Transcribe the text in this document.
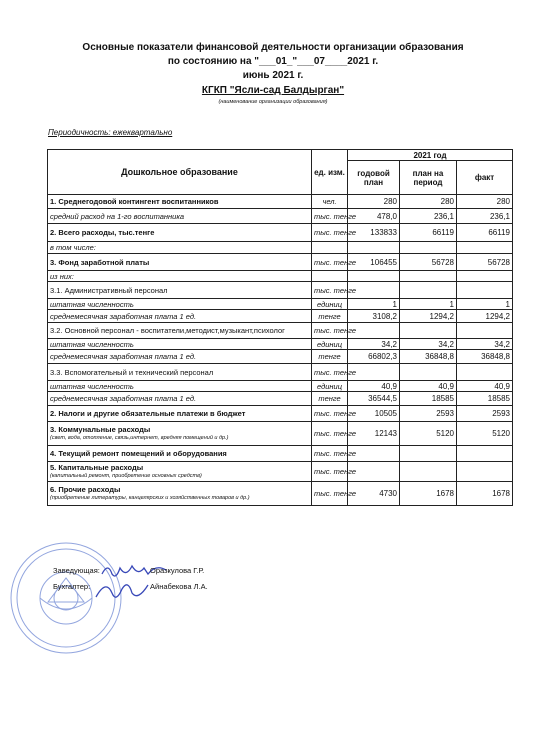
Основные показатели финансовой деятельности организации образования
по состоянию на "___01_"___07____2021 г.
июнь 2021 г.
КГКП "Ясли-сад Балдырган"
(наименование организации образования)
Периодичность: ежеквартально
Дошкольное образование	ед. изм.	2021 год		
		годовой план	план на период	факт
1. Среднегодовой контингент воспитанников	чел.	280	280	280
средний расход на 1-го воспитанника	тыс. тенге	478,0	236,1	236,1
2. Всего расходы, тыс.тенге	тыс. тенге	133833	66119	66119
в том числе:				
3. Фонд заработной платы	тыс. тенге	106455	56728	56728
из них:				
3.1. Административный персонал	тыс. тенге			
штатная численность	единиц	1	1	1
среднемесячная заработная плата 1 ед.	тенге	3108,2	1294,2	1294,2
3.2. Основной персонал - воспитатели,методист,музыкант,психолог	тыс. тенге			
штатная численность	единиц	34,2	34,2	34,2
среднемесячная заработная плата 1 ед.	тенге	66802,3	36848,8	36848,8
3.3. Вспомогательный и технический персонал	тыс. тенге			
штатная численность	единиц	40,9	40,9	40,9
среднемесячная заработная плата 1 ед.	тенге	36544,5	18585	18585
2. Налоги и другие обязательные платежи в бюджет	тыс. тенге	10505	2593	2593
3. Коммунальные расходы
(свет, вода, отопление, связь,интернет, вредняя помещений и др.)	тыс. тенге	12143	5120	5120
4. Текущий ремонт помещений и оборудования	тыс. тенге			
5. Капитальные расходы
(капитальный ремонт, приобретение основных средств)	тыс. тенге			
6. Прочие расходы
(приобретение литературы, канцелярских и хозяйственных товаров и др.)	тыс. тенге	4730	1678	1678
Заведующая:	Оразкулова Г.Р.
Бухгалтер:	Айнабекова Л.А.
